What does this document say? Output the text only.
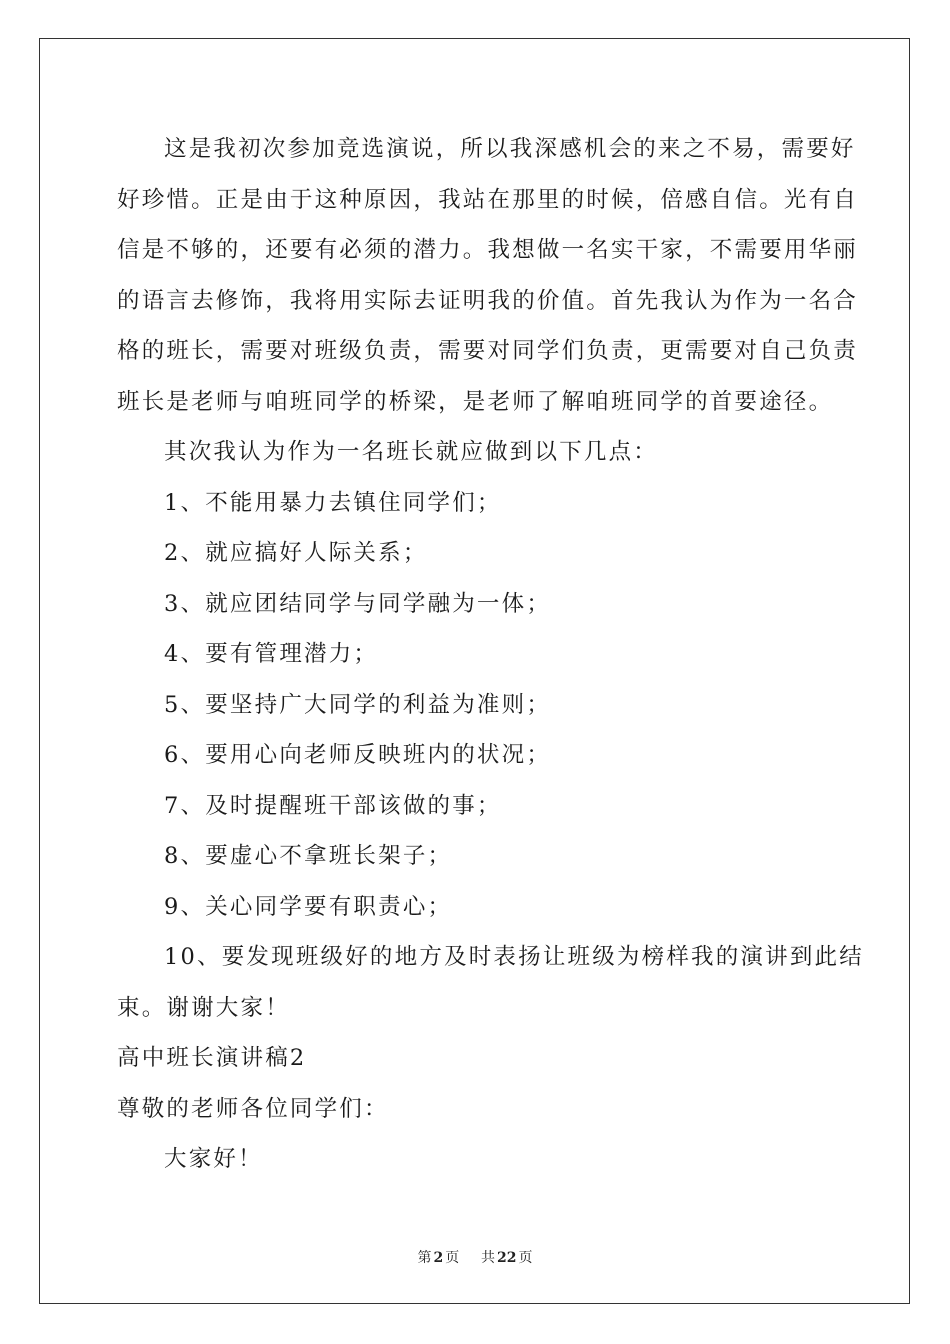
这是我初次参加竞选演说，所以我深感机会的来之不易，需要好
好珍惜。正是由于这种原因，我站在那里的时候，倍感自信。光有自
信是不够的，还要有必须的潜力。我想做一名实干家，不需要用华丽
的语言去修饰，我将用实际去证明我的价值。首先我认为作为一名合
格的班长，需要对班级负责，需要对同学们负责，更需要对自己负责
班长是老师与咱班同学的桥梁，是老师了解咱班同学的首要途径。
其次我认为作为一名班长就应做到以下几点：
1、不能用暴力去镇住同学们；
2、就应搞好人际关系；
3、就应团结同学与同学融为一体；
4、要有管理潜力；
5、要坚持广大同学的利益为准则；
6、要用心向老师反映班内的状况；
7、及时提醒班干部该做的事；
8、要虚心不拿班长架子；
9、关心同学要有职责心；
10、要发现班级好的地方及时表扬让班级为榜样我的演讲到此结
束。谢谢大家！
高中班长演讲稿2
尊敬的老师各位同学们：
大家好！
第 2 页 共 22 页
